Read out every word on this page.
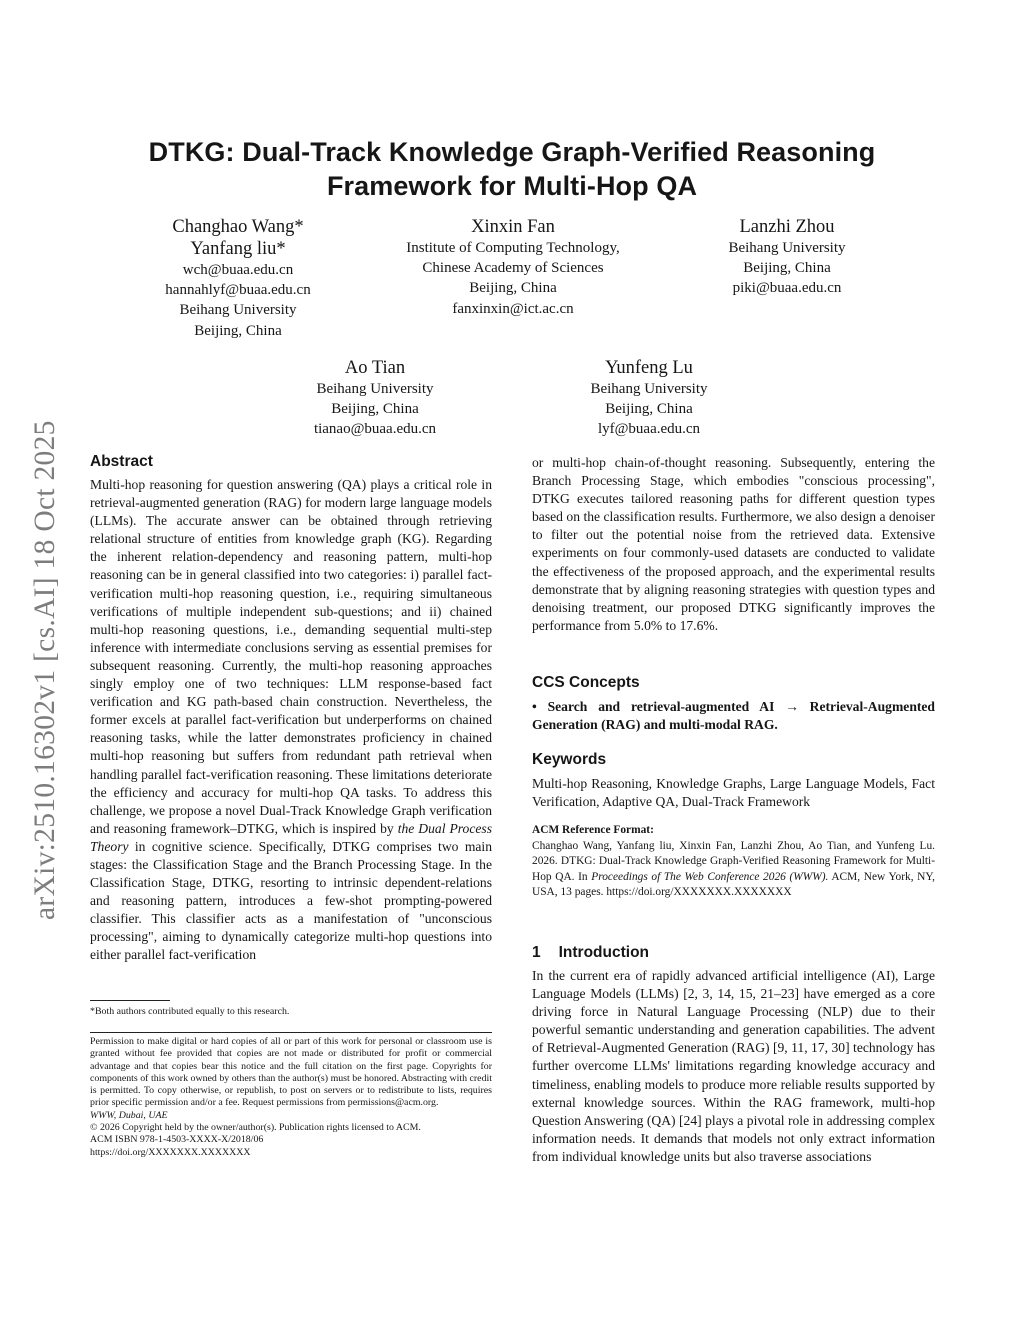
arXiv:2510.16302v1 [cs.AI] 18 Oct 2025
DTKG: Dual-Track Knowledge Graph-Verified Reasoning Framework for Multi-Hop QA
Changhao Wang*
Yanfang liu*
wch@buaa.edu.cn
hannahlyf@buaa.edu.cn
Beihang University
Beijing, China
Xinxin Fan
Institute of Computing Technology,
Chinese Academy of Sciences
Beijing, China
fanxinxin@ict.ac.cn
Lanzhi Zhou
Beihang University
Beijing, China
piki@buaa.edu.cn
Ao Tian
Beihang University
Beijing, China
tianao@buaa.edu.cn
Yunfeng Lu
Beihang University
Beijing, China
lyf@buaa.edu.cn
Abstract

Multi-hop reasoning for question answering (QA) plays a critical role in retrieval-augmented generation (RAG) for modern large language models (LLMs). The accurate answer can be obtained through retrieving relational structure of entities from knowledge graph (KG). Regarding the inherent relation-dependency and reasoning pattern, multi-hop reasoning can be in general classified into two categories: i) parallel fact-verification multi-hop reasoning question, i.e., requiring simultaneous verifications of multiple independent sub-questions; and ii) chained multi-hop reasoning questions, i.e., demanding sequential multi-step inference with intermediate conclusions serving as essential premises for subsequent reasoning. Currently, the multi-hop reasoning approaches singly employ one of two techniques: LLM response-based fact verification and KG path-based chain construction. Nevertheless, the former excels at parallel fact-verification but underperforms on chained reasoning tasks, while the latter demonstrates proficiency in chained multi-hop reasoning but suffers from redundant path retrieval when handling parallel fact-verification reasoning. These limitations deteriorate the efficiency and accuracy for multi-hop QA tasks. To address this challenge, we propose a novel Dual-Track Knowledge Graph verification and reasoning framework–DTKG, which is inspired by the Dual Process Theory in cognitive science. Specifically, DTKG comprises two main stages: the Classification Stage and the Branch Processing Stage. In the Classification Stage, DTKG, resorting to intrinsic dependent-relations and reasoning pattern, introduces a few-shot prompting-powered classifier. This classifier acts as a manifestation of "unconscious processing", aiming to dynamically categorize multi-hop questions into either parallel fact-verification

*Both authors contributed equally to this research.

Permission to make digital or hard copies of all or part of this work for personal or classroom use is granted without fee provided that copies are not made or distributed for profit or commercial advantage and that copies bear this notice and the full citation on the first page. Copyrights for components of this work owned by others than the author(s) must be honored. Abstracting with credit is permitted. To copy otherwise, or republish, to post on servers or to redistribute to lists, requires prior specific permission and/or a fee. Request permissions from permissions@acm.org.

WWW, Dubai, UAE

© 2026 Copyright held by the owner/author(s). Publication rights licensed to ACM.

ACM ISBN 978-1-4503-XXXX-X/2018/06

https://doi.org/XXXXXXX.XXXXXXX

or multi-hop chain-of-thought reasoning. Subsequently, entering the Branch Processing Stage, which embodies "conscious processing", DTKG executes tailored reasoning paths for different question types based on the classification results. Furthermore, we also design a denoiser to filter out the potential noise from the retrieved data. Extensive experiments on four commonly-used datasets are conducted to validate the effectiveness of the proposed approach, and the experimental results demonstrate that by aligning reasoning strategies with question types and denoising treatment, our proposed DTKG significantly improves the performance from 5.0% to 17.6%.

CCS Concepts

• Search and retrieval-augmented AI → Retrieval-Augmented Generation (RAG) and multi-modal RAG.

Keywords

Multi-hop Reasoning, Knowledge Graphs, Large Language Models, Fact Verification, Adaptive QA, Dual-Track Framework

ACM Reference Format:
Changhao Wang, Yanfang liu, Xinxin Fan, Lanzhi Zhou, Ao Tian, and Yunfeng Lu. 2026. DTKG: Dual-Track Knowledge Graph-Verified Reasoning Framework for Multi-Hop QA. In Proceedings of The Web Conference 2026 (WWW). ACM, New York, NY, USA, 13 pages. https://doi.org/XXXXXXX.XXXXXXX
1 Introduction

In the current era of rapidly advanced artificial intelligence (AI), Large Language Models (LLMs) [2, 3, 14, 15, 21–23] have emerged as a core driving force in Natural Language Processing (NLP) due to their powerful semantic understanding and generation capabilities. The advent of Retrieval-Augmented Generation (RAG) [9, 11, 17, 30] technology has further overcome LLMs' limitations regarding knowledge accuracy and timeliness, enabling models to produce more reliable results supported by external knowledge sources. Within the RAG framework, multi-hop Question Answering (QA) [24] plays a pivotal role in addressing complex information needs. It demands that models not only extract information from individual knowledge units but also traverse associations
